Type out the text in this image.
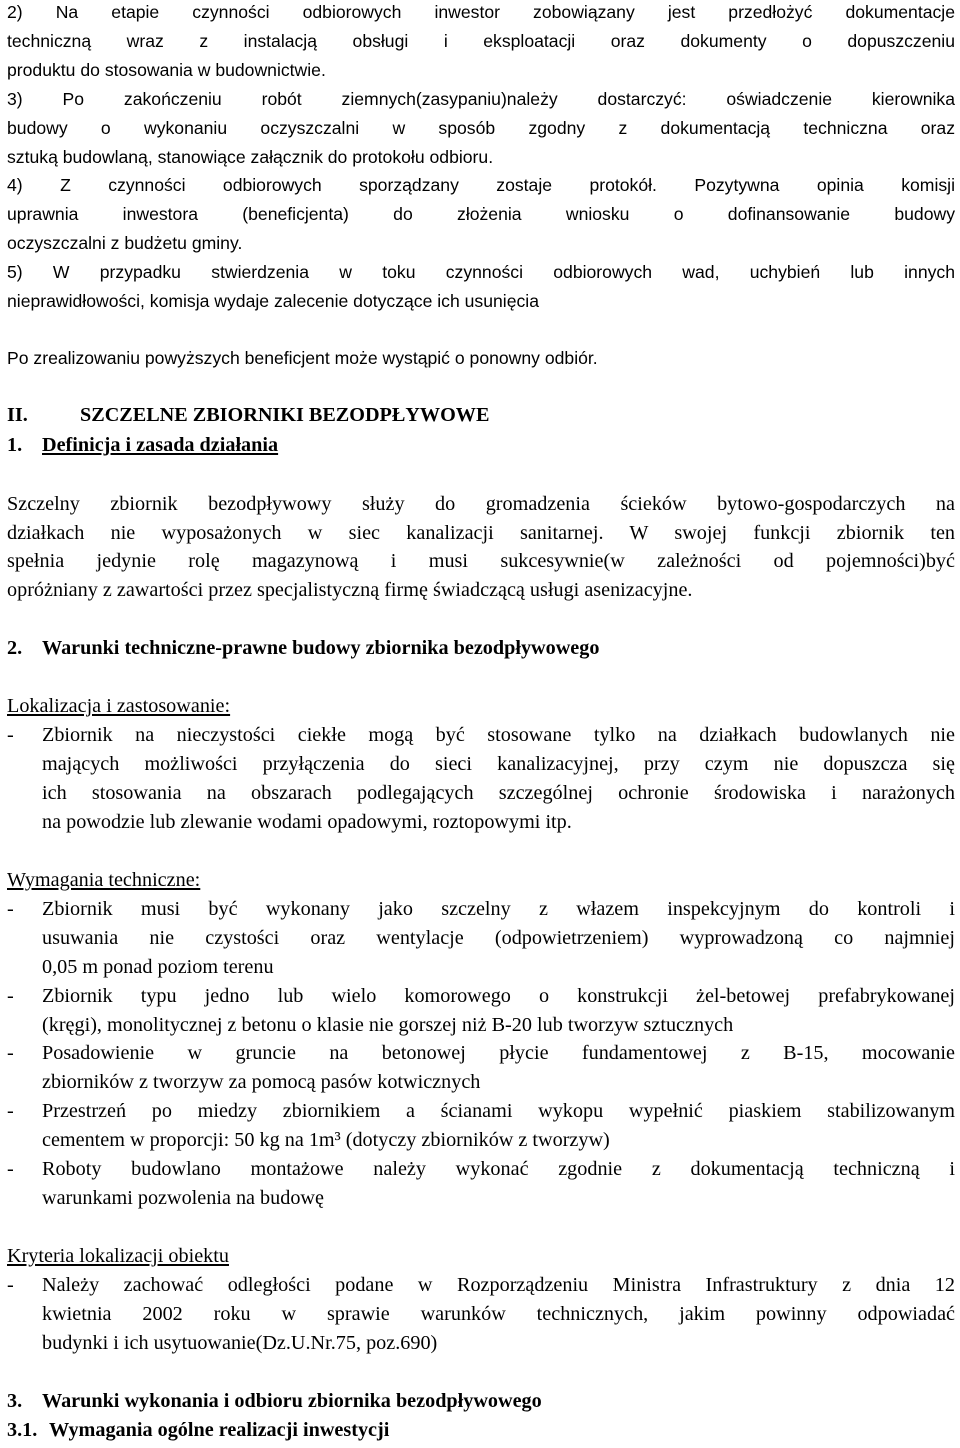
2) Na etapie czynności odbiorowych inwestor zobowiązany jest przedłożyć dokumentacje
techniczną wraz z instalacją obsługi i eksploatacji oraz dokumenty o dopuszczeniu
produktu do stosowania w budownictwie.
3) Po zakończeniu robót ziemnych(zasypaniu)należy dostarczyć: oświadczenie kierownika
budowy o wykonaniu oczyszczalni w sposób zgodny z dokumentacją techniczna oraz
sztuką budowlaną, stanowiące załącznik do protokołu odbioru.
4) Z czynności odbiorowych sporządzany zostaje protokół. Pozytywna opinia komisji
uprawnia inwestora (beneficjenta) do złożenia wniosku o dofinansowanie budowy
oczyszczalni z budżetu gminy.
5) W przypadku stwierdzenia w toku czynności odbiorowych wad, uchybień lub innych
nieprawidłowości, komisja wydaje zalecenie dotyczące ich usunięcia
Po zrealizowaniu powyższych beneficjent może wystąpić o ponowny odbiór.
II.	SZCZELNE ZBIORNIKI BEZODPŁYWOWE
1. Definicja i zasada działania
Szczelny zbiornik bezodpływowy służy do gromadzenia ścieków bytowo-gospodarczych na
działkach nie wyposażonych w siec kanalizacji sanitarnej. W swojej funkcji zbiornik ten
spełnia jedynie rolę magazynową i musi sukcesywnie(w zależności od pojemności)być
opróżniany z zawartości przez specjalistyczną firmę świadczącą usługi asenizacyjne.
2. Warunki techniczne-prawne budowy zbiornika bezodpływowego
Lokalizacja i zastosowanie:
- Zbiornik na nieczystości ciekłe mogą być stosowane tylko na działkach budowlanych nie
mających możliwości przyłączenia do sieci kanalizacyjnej, przy czym nie dopuszcza się
ich stosowania na obszarach podlegających szczególnej ochronie środowiska i narażonych
na powodzie lub zlewanie wodami opadowymi, roztopowymi itp.
Wymagania techniczne:
- Zbiornik musi być wykonany jako szczelny z włazem inspekcyjnym do kontroli i
usuwania nie czystości oraz wentylacje (odpowietrzeniem) wyprowadzoną co najmniej
0,05 m ponad poziom terenu
- Zbiornik typu jedno lub wielo komorowego o konstrukcji żel-betowej prefabrykowanej
(kręgi), monolitycznej z betonu o klasie nie gorszej niż B-20 lub tworzyw sztucznych
- Posadowienie w gruncie na betonowej płycie fundamentowej z B-15, mocowanie
zbiorników z tworzyw za pomocą pasów kotwicznych
- Przestrzeń po miedzy zbiornikiem a ścianami wykopu wypełnić piaskiem stabilizowanym
cementem w proporcji: 50 kg na 1m³ (dotyczy zbiorników z tworzyw)
- Roboty budowlano montażowe należy wykonać zgodnie z dokumentacją techniczną i
warunkami pozwolenia na budowę
Kryteria lokalizacji obiektu
- Należy zachować odległości podane w Rozporządzeniu Ministra Infrastruktury z dnia 12
kwietnia 2002 roku w sprawie warunków technicznych, jakim powinny odpowiadać
budynki i ich usytuowanie(Dz.U.Nr.75, poz.690)
3. Warunki wykonania i odbioru zbiornika bezodpływowego
3.1. Wymagania ogólne realizacji inwestycji
